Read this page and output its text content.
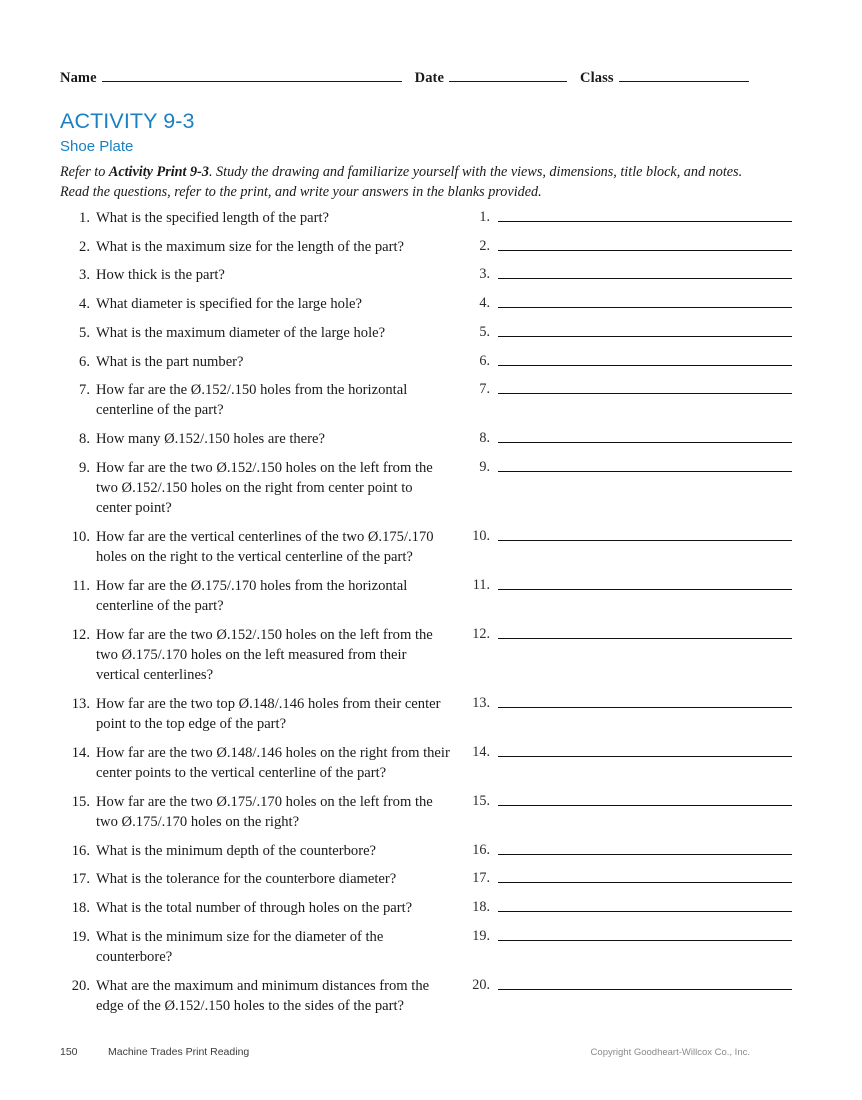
Name	Date	Class
ACTIVITY 9-3
Shoe Plate
Refer to Activity Print 9-3. Study the drawing and familiarize yourself with the views, dimensions, title block, and notes. Read the questions, refer to the print, and write your answers in the blanks provided.
1. What is the specified length of the part?	1.
2. What is the maximum size for the length of the part?	2.
3. How thick is the part?	3.
4. What diameter is specified for the large hole?	4.
5. What is the maximum diameter of the large hole?	5.
6. What is the part number?	6.
7. How far are the Ø.152/.150 holes from the horizontal centerline of the part?
7.
8. How many Ø.152/.150 holes are there?	8.
9. How far are the two Ø.152/.150 holes on the left from the two Ø.152/.150 holes on the right from center point to center point?
9.
10. How far are the vertical centerlines of the two Ø.175/.170 holes on the right to the vertical centerline of the part?
10.
11. How far are the Ø.175/.170 holes from the horizontal centerline of the part?
11.
12. How far are the two Ø.152/.150 holes on the left from the two Ø.175/.170 holes on the left measured from their vertical centerlines?
12.
13. How far are the two top Ø.148/.146 holes from their center point to the top edge of the part?
13.
14. How far are the two Ø.148/.146 holes on the right from their center points to the vertical centerline of the part?
14.
15. How far are the two Ø.175/.170 holes on the left from the two Ø.175/.170 holes on the right?
15.
16. What is the minimum depth of the counterbore?	16.
17. What is the tolerance for the counterbore diameter?	17.
18. What is the total number of through holes on the part?	18.
19. What is the minimum size for the diameter of the counterbore?
19.
20. What are the maximum and minimum distances from the edge of the Ø.152/.150 holes to the sides of the part?
20.
150	Machine Trades Print Reading	Copyright Goodheart-Willcox Co., Inc.
